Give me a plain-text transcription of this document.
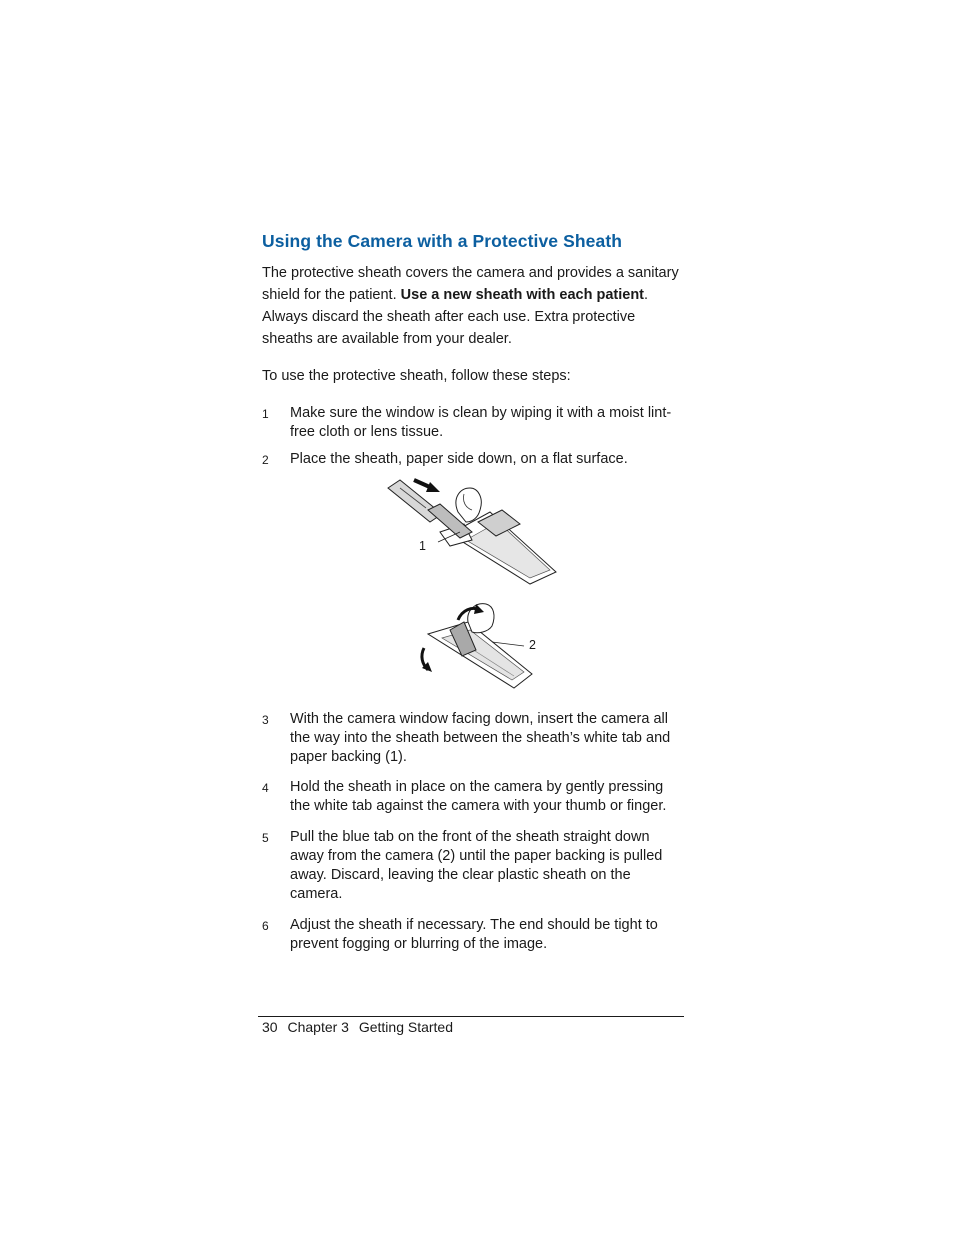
Using the Camera with a Protective Sheath

The protective sheath covers the camera and provides a sanitary shield for the patient. Use a new sheath with each patient. Always discard the sheath after each use. Extra protective sheaths are available from your dealer.

To use the protective sheath, follow these steps:

1 Make sure the window is clean by wiping it with a moist lint-free cloth or lens tissue.
2 Place the sheath, paper side down, on a flat surface.
1
2
3 With the camera window facing down, insert the camera all the way into the sheath between the sheath’s white tab and paper backing (1).
4 Hold the sheath in place on the camera by gently pressing the white tab against the camera with your thumb or finger.
5 Pull the blue tab on the front of the sheath straight down away from the camera (2) until the paper backing is pulled away. Discard, leaving the clear plastic sheath on the camera.
6 Adjust the sheath if necessary. The end should be tight to prevent fogging or blurring of the image.
30 Chapter 3 Getting Started
